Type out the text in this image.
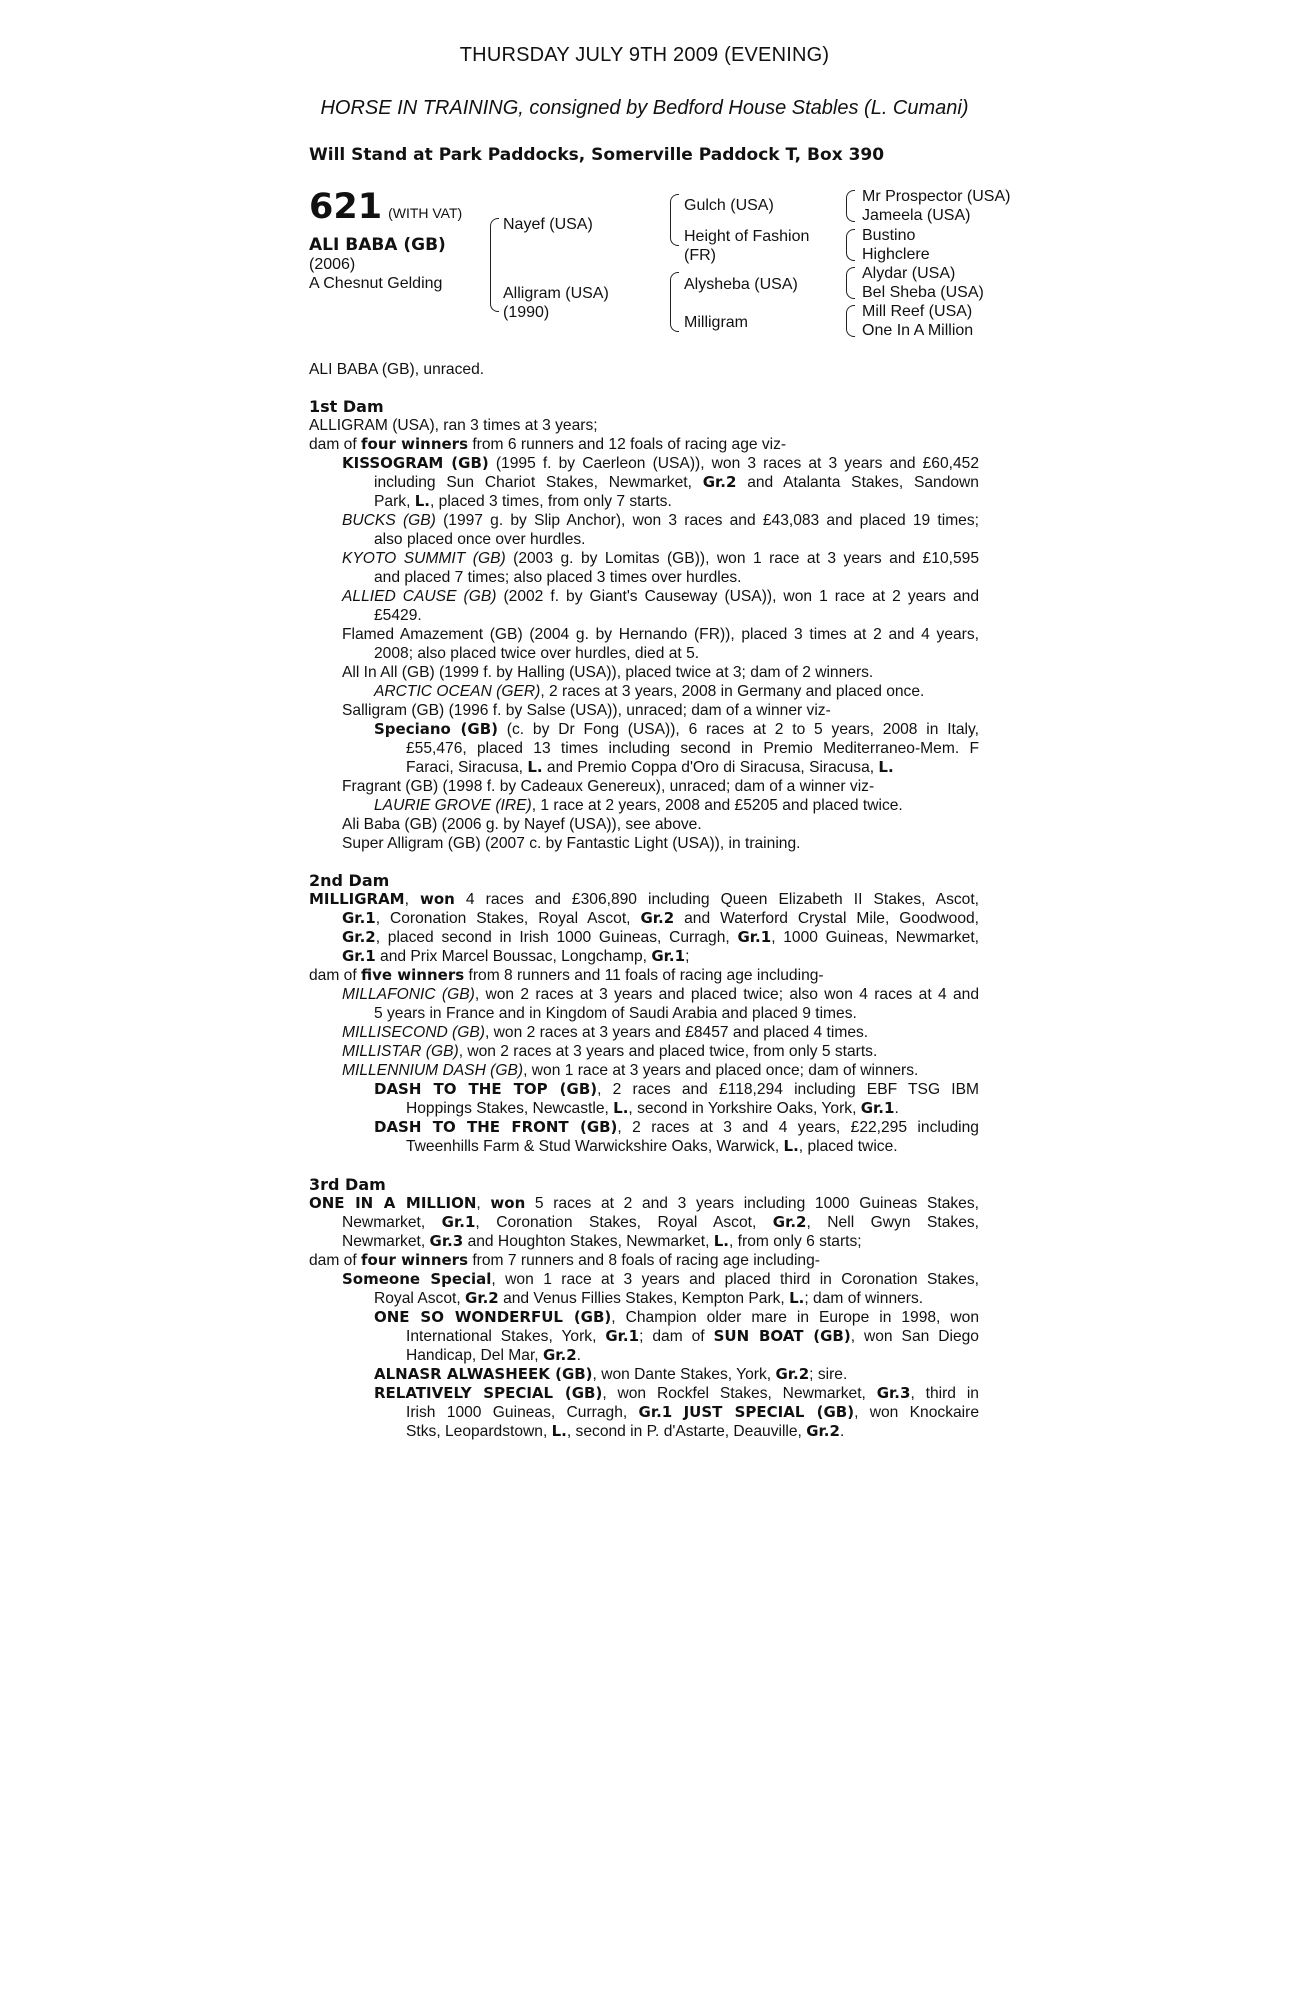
THURSDAY JULY 9TH 2009 (EVENING)
HORSE IN TRAINING, consigned by Bedford House Stables (L. Cumani)
Will Stand at Park Paddocks, Somerville Paddock T, Box 390
621 (WITH VAT)
ALI BABA (GB)
(2006)
A Chesnut Gelding
Nayef (USA)
Alligram (USA)
(1990)
Gulch (USA)
Height of Fashion
(FR)
Alysheba (USA)
Milligram
Mr Prospector (USA)
Jameela (USA)
Bustino
Highclere
Alydar (USA)
Bel Sheba (USA)
Mill Reef (USA)
One In A Million
ALI BABA (GB), unraced.
1st Dam
ALLIGRAM (USA), ran 3 times at 3 years;
dam of four winners from 6 runners and 12 foals of racing age viz-
KISSOGRAM (GB) (1995 f. by Caerleon (USA)), won 3 races at 3 years and £60,452
including Sun Chariot Stakes, Newmarket, Gr.2 and Atalanta Stakes, Sandown
Park, L., placed 3 times, from only 7 starts.
BUCKS (GB) (1997 g. by Slip Anchor), won 3 races and £43,083 and placed 19 times;
also placed once over hurdles.
KYOTO SUMMIT (GB) (2003 g. by Lomitas (GB)), won 1 race at 3 years and £10,595
and placed 7 times; also placed 3 times over hurdles.
ALLIED CAUSE (GB) (2002 f. by Giant's Causeway (USA)), won 1 race at 2 years and
£5429.
Flamed Amazement (GB) (2004 g. by Hernando (FR)), placed 3 times at 2 and 4 years,
2008; also placed twice over hurdles, died at 5.
All In All (GB) (1999 f. by Halling (USA)), placed twice at 3; dam of 2 winners.
ARCTIC OCEAN (GER), 2 races at 3 years, 2008 in Germany and placed once.
Salligram (GB) (1996 f. by Salse (USA)), unraced; dam of a winner viz-
Speciano (GB) (c. by Dr Fong (USA)), 6 races at 2 to 5 years, 2008 in Italy,
£55,476, placed 13 times including second in Premio Mediterraneo-Mem. F
Faraci, Siracusa, L. and Premio Coppa d'Oro di Siracusa, Siracusa, L.
Fragrant (GB) (1998 f. by Cadeaux Genereux), unraced; dam of a winner viz-
LAURIE GROVE (IRE), 1 race at 2 years, 2008 and £5205 and placed twice.
Ali Baba (GB) (2006 g. by Nayef (USA)), see above.
Super Alligram (GB) (2007 c. by Fantastic Light (USA)), in training.
2nd Dam
MILLIGRAM, won 4 races and £306,890 including Queen Elizabeth II Stakes, Ascot,
Gr.1, Coronation Stakes, Royal Ascot, Gr.2 and Waterford Crystal Mile, Goodwood,
Gr.2, placed second in Irish 1000 Guineas, Curragh, Gr.1, 1000 Guineas, Newmarket,
Gr.1 and Prix Marcel Boussac, Longchamp, Gr.1;
dam of five winners from 8 runners and 11 foals of racing age including-
MILLAFONIC (GB), won 2 races at 3 years and placed twice; also won 4 races at 4 and
5 years in France and in Kingdom of Saudi Arabia and placed 9 times.
MILLISECOND (GB), won 2 races at 3 years and £8457 and placed 4 times.
MILLISTAR (GB), won 2 races at 3 years and placed twice, from only 5 starts.
MILLENNIUM DASH (GB), won 1 race at 3 years and placed once; dam of winners.
DASH TO THE TOP (GB), 2 races and £118,294 including EBF TSG IBM
Hoppings Stakes, Newcastle, L., second in Yorkshire Oaks, York, Gr.1.
DASH TO THE FRONT (GB), 2 races at 3 and 4 years, £22,295 including
Tweenhills Farm & Stud Warwickshire Oaks, Warwick, L., placed twice.
3rd Dam
ONE IN A MILLION, won 5 races at 2 and 3 years including 1000 Guineas Stakes,
Newmarket, Gr.1, Coronation Stakes, Royal Ascot, Gr.2, Nell Gwyn Stakes,
Newmarket, Gr.3 and Houghton Stakes, Newmarket, L., from only 6 starts;
dam of four winners from 7 runners and 8 foals of racing age including-
Someone Special, won 1 race at 3 years and placed third in Coronation Stakes,
Royal Ascot, Gr.2 and Venus Fillies Stakes, Kempton Park, L.; dam of winners.
ONE SO WONDERFUL (GB), Champion older mare in Europe in 1998, won
International Stakes, York, Gr.1; dam of SUN BOAT (GB), won San Diego
Handicap, Del Mar, Gr.2.
ALNASR ALWASHEEK (GB), won Dante Stakes, York, Gr.2; sire.
RELATIVELY SPECIAL (GB), won Rockfel Stakes, Newmarket, Gr.3, third in
Irish 1000 Guineas, Curragh, Gr.1 JUST SPECIAL (GB), won Knockaire
Stks, Leopardstown, L., second in P. d'Astarte, Deauville, Gr.2.
